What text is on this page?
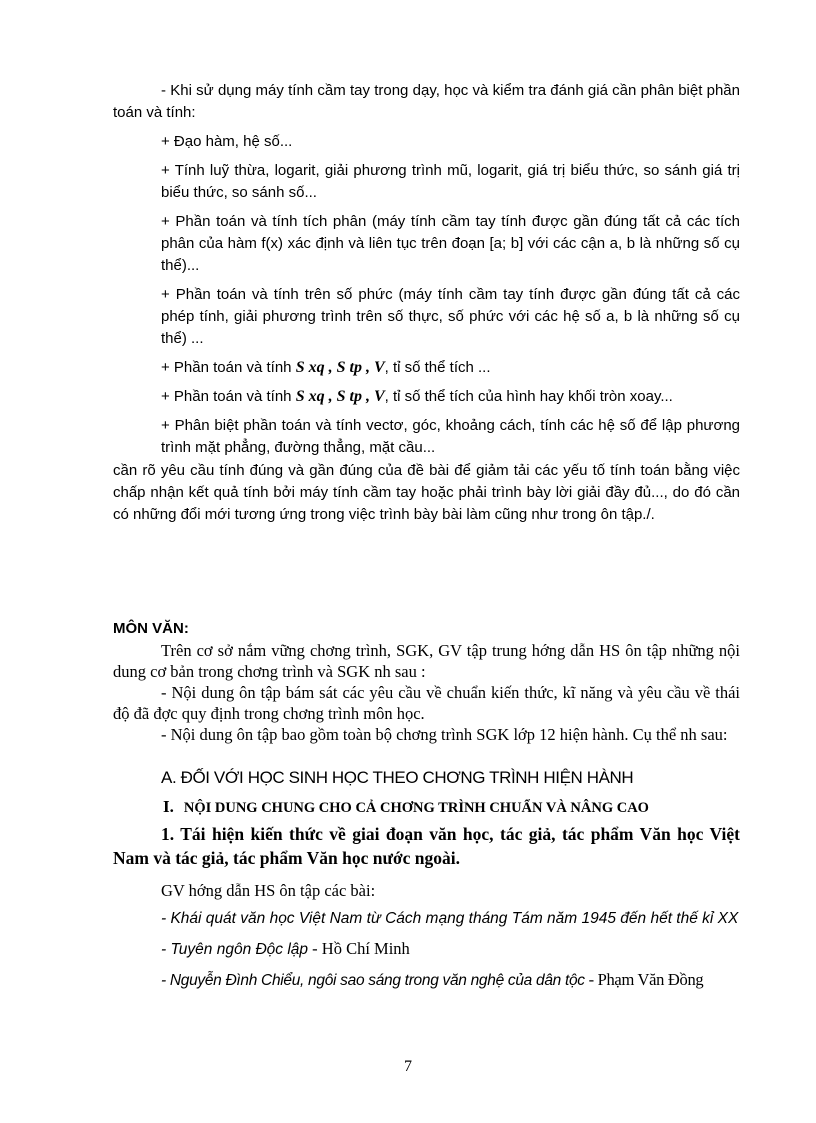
- Khi sử dụng máy tính cầm tay trong dạy, học và kiểm tra đánh giá cần phân biệt phần toán và tính:

+ Đạo hàm, hệ số...

+ Tính luỹ thừa, logarit, giải phương trình mũ, logarit, giá trị biểu thức, so sánh giá trị biểu thức, so sánh số...

+ Phần toán và tính tích phân (máy tính cầm tay tính được gần đúng tất cả các tích phân của hàm f(x) xác định và liên tục trên đoạn [a; b] với các cận a, b là những số cụ thể)...

+ Phần toán và tính trên số phức (máy tính cầm tay tính được gần đúng tất cả các phép tính, giải phương trình trên số thực, số phức với các hệ số a, b là những số cụ thể) ...

+ Phần toán và tính S xq , S tp , V, tỉ số thể tích ...

+ Phần toán và tính S xq , S tp , V, tỉ số thể tích của hình hay khối tròn xoay...

+ Phân biệt phần toán và tính vectơ, góc, khoảng cách, tính các hệ số để lập phương trình mặt phẳng, đường thẳng, mặt cầu...

cần rõ yêu cầu tính đúng và gần đúng của đề bài để giảm tải các yếu tố tính toán bằng việc chấp nhận kết quả tính bởi máy tính cầm tay hoặc phải trình bày lời giải đầy đủ..., do đó cần có những đổi mới tương ứng trong việc trình bày bài làm cũng như trong ôn tập./.

MÔN VĂN:

Trên cơ sở nắm vững chơng trình, SGK, GV tập trung hớng dẫn HS ôn tập những nội dung cơ bản trong chơng trình và SGK nh sau :

- Nội dung ôn tập bám sát các yêu cầu về chuẩn kiến thức, kĩ năng và yêu cầu về thái độ đã đợc quy định trong chơng trình môn học.

- Nội dung ôn tập bao gồm toàn bộ chơng trình SGK lớp 12 hiện hành. Cụ thể nh sau:

A. ĐỐI VỚI HỌC SINH HỌC THEO CHƠNG TRÌNH HIỆN HÀNH

I. NỘI DUNG CHUNG CHO CẢ CHƠNG TRÌNH CHUẨN VÀ NÂNG CAO

1. Tái hiện kiến thức về giai đoạn văn học, tác giả, tác phẩm Văn học Việt Nam và tác giả, tác phẩm Văn học nước ngoài.

GV hớng dẫn HS ôn tập các bài:

- Khái quát văn học Việt Nam từ Cách mạng tháng Tám năm 1945 đến hết thế kỉ XX

- Tuyên ngôn Độc lập - Hồ Chí Minh

- Nguyễn Đình Chiểu, ngôi sao sáng trong văn nghệ của dân tộc - Phạm Văn Đồng

7
